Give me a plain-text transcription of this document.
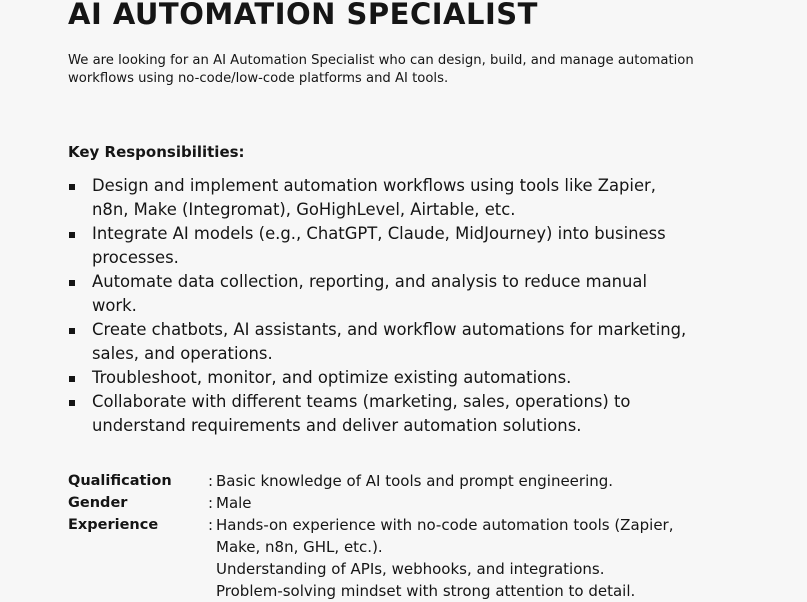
AI AUTOMATION SPECIALIST

We are looking for an AI Automation Specialist who can design, build, and manage automation
workflows using no-code/low-code platforms and AI tools.

Key Responsibilities:
Design and implement automation workflows using tools like Zapier,
n8n, Make (Integromat), GoHighLevel, Airtable, etc.
Integrate AI models (e.g., ChatGPT, Claude, MidJourney) into business
processes.
Automate data collection, reporting, and analysis to reduce manual
work.
Create chatbots, AI assistants, and workflow automations for marketing,
sales, and operations.
Troubleshoot, monitor, and optimize existing automations.
Collaborate with different teams (marketing, sales, operations) to
understand requirements and deliver automation solutions.
Qualification	: Basic knowledge of AI tools and prompt engineering.
Gender	: Male
Experience	: Hands-on experience with no-code automation tools (Zapier,
Make, n8n, GHL, etc.).
Understanding of APIs, webhooks, and integrations.
Problem-solving mindset with strong attention to detail.
